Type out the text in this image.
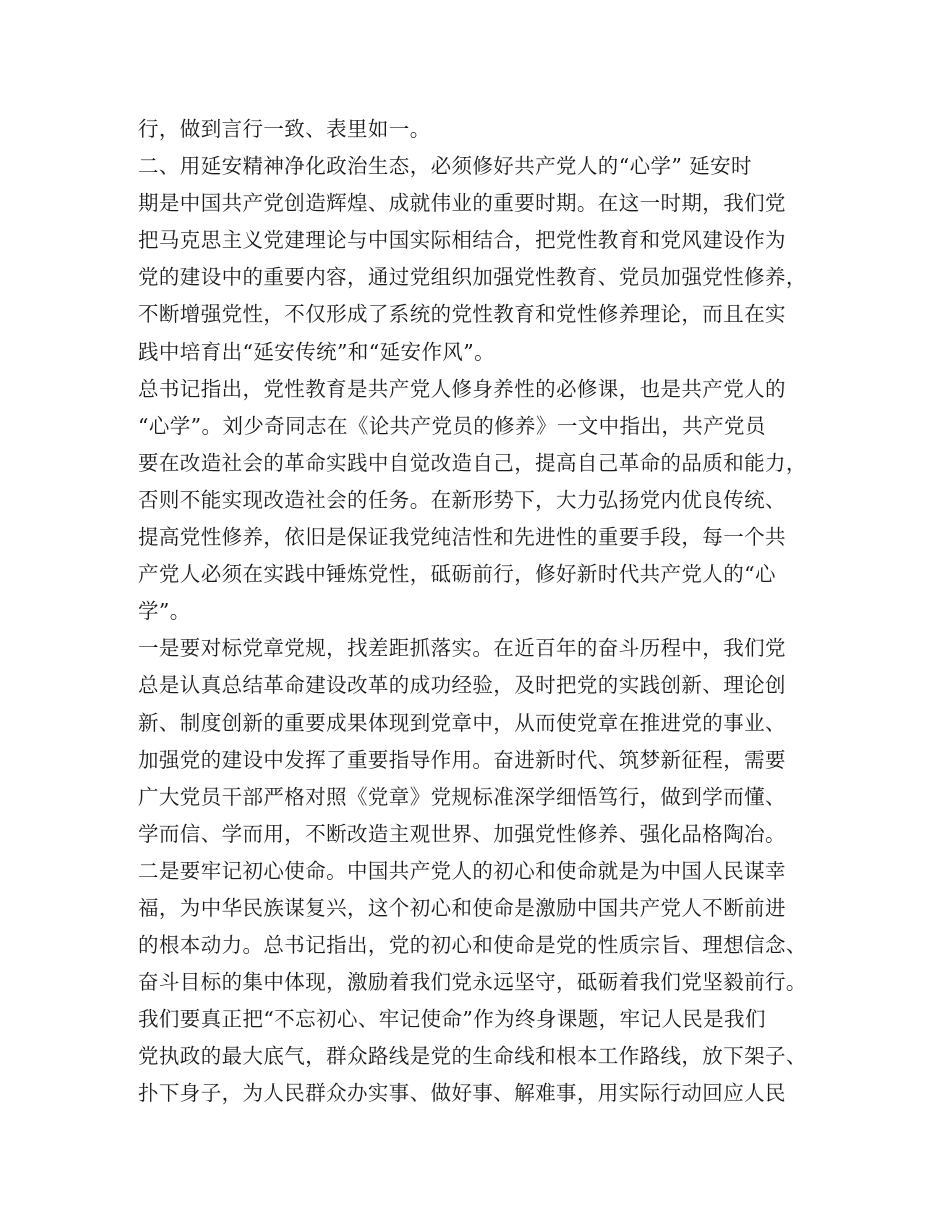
行，做到言行一致、表里如一。
二、用延安精神净化政治生态，必须修好共产党人的“心学” 延安时
期是中国共产党创造辉煌、成就伟业的重要时期。在这一时期，我们党
把马克思主义党建理论与中国实际相结合，把党性教育和党风建设作为
党的建设中的重要内容，通过党组织加强党性教育、党员加强党性修养，
不断增强党性，不仅形成了系统的党性教育和党性修养理论，而且在实
践中培育出“延安传统”和“延安作风”。
总书记指出，党性教育是共产党人修身养性的必修课，也是共产党人的
“心学”。刘少奇同志在《论共产党员的修养》一文中指出，共产党员
要在改造社会的革命实践中自觉改造自己，提高自己革命的品质和能力，
否则不能实现改造社会的任务。在新形势下，大力弘扬党内优良传统、
提高党性修养，依旧是保证我党纯洁性和先进性的重要手段，每一个共
产党人必须在实践中锤炼党性，砥砺前行，修好新时代共产党人的“心
学”。
一是要对标党章党规，找差距抓落实。在近百年的奋斗历程中，我们党
总是认真总结革命建设改革的成功经验，及时把党的实践创新、理论创
新、制度创新的重要成果体现到党章中，从而使党章在推进党的事业、
加强党的建设中发挥了重要指导作用。奋进新时代、筑梦新征程，需要
广大党员干部严格对照《党章》党规标准深学细悟笃行，做到学而懂、
学而信、学而用，不断改造主观世界、加强党性修养、强化品格陶冶。
二是要牢记初心使命。中国共产党人的初心和使命就是为中国人民谋幸
福，为中华民族谋复兴，这个初心和使命是激励中国共产党人不断前进
的根本动力。总书记指出，党的初心和使命是党的性质宗旨、理想信念、
奋斗目标的集中体现，激励着我们党永远坚守，砥砺着我们党坚毅前行。
我们要真正把“不忘初心、牢记使命”作为终身课题，牢记人民是我们
党执政的最大底气，群众路线是党的生命线和根本工作路线，放下架子、
扑下身子，为人民群众办实事、做好事、解难事，用实际行动回应人民
